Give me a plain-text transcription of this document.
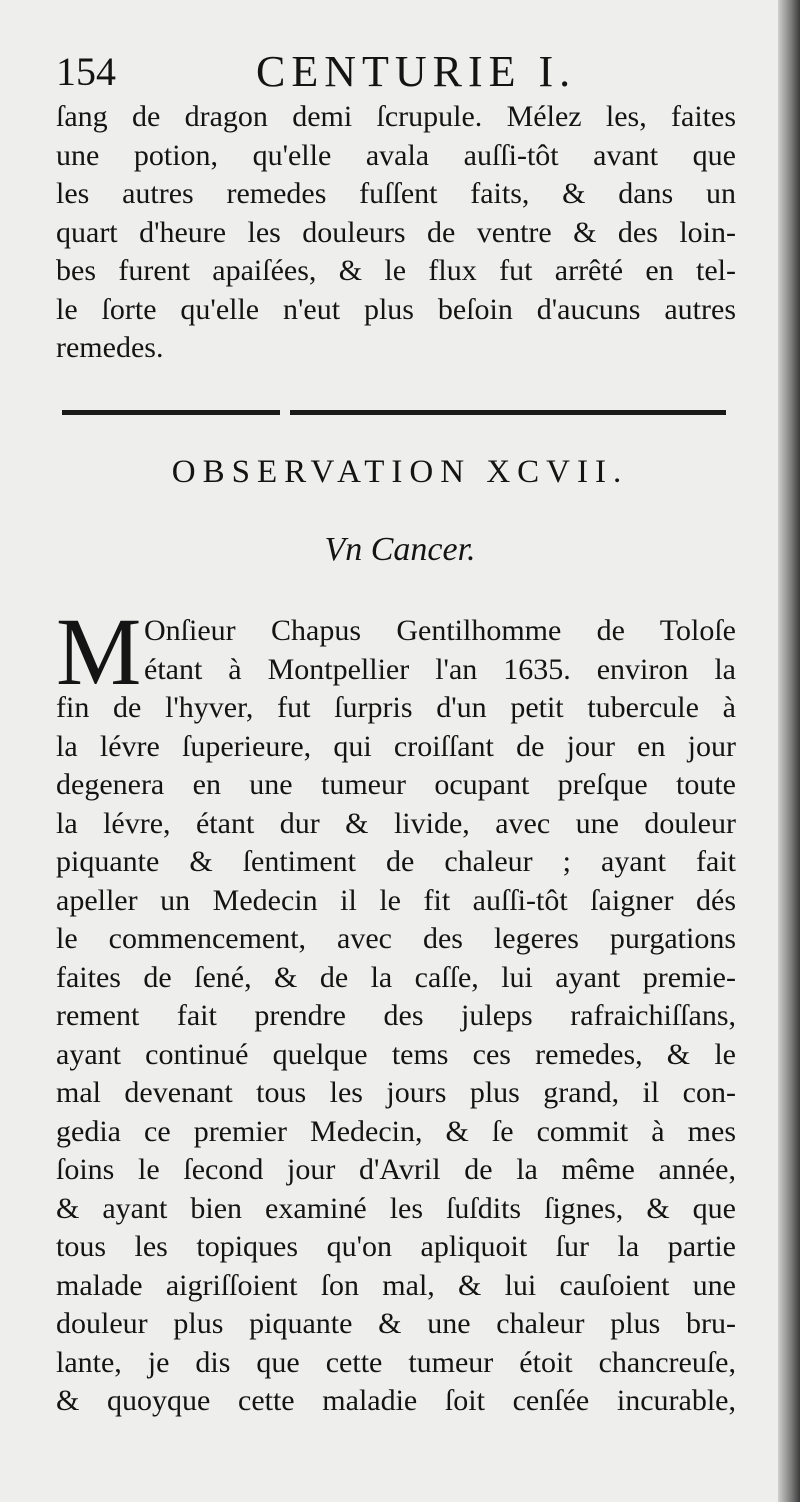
154	CENTURIE I.
ſang de dragon demi ſcrupule. Mélez les, faites
une potion, qu'elle avala auſſi-tôt avant que
les autres remedes fuſſent faits, & dans un
quart d'heure les douleurs de ventre & des loin-
bes furent apaiſées, & le flux fut arrêté en tel-
le ſorte qu'elle n'eut plus beſoin d'aucuns autres
remedes.
OBSERVATION XCVII.
Vn Cancer.
M Onſieur Chapus Gentilhomme de Toloſe
étant à Montpellier l'an 1635. environ la
fin de l'hyver, fut ſurpris d'un petit tubercule à
la lévre ſuperieure, qui croiſſant de jour en jour
degenera en une tumeur ocupant preſque toute
la lévre, étant dur & livide, avec une douleur
piquante & ſentiment de chaleur ; ayant fait
apeller un Medecin il le fit auſſi-tôt ſaigner dés
le commencement, avec des legeres purgations
faites de ſené, & de la caſſe, lui ayant premie-
rement fait prendre des juleps rafraichiſſans,
ayant continué quelque tems ces remedes, & le
mal devenant tous les jours plus grand, il con-
gedia ce premier Medecin, & ſe commit à mes
ſoins le ſecond jour d'Avril de la même année,
& ayant bien examiné les ſuſdits ſignes, & que
tous les topiques qu'on apliquoit ſur la partie
malade aigriſſoient ſon mal, & lui cauſoient une
douleur plus piquante & une chaleur plus bru-
lante, je dis que cette tumeur étoit chancreuſe,
& quoyque cette maladie ſoit cenſée incurable,
